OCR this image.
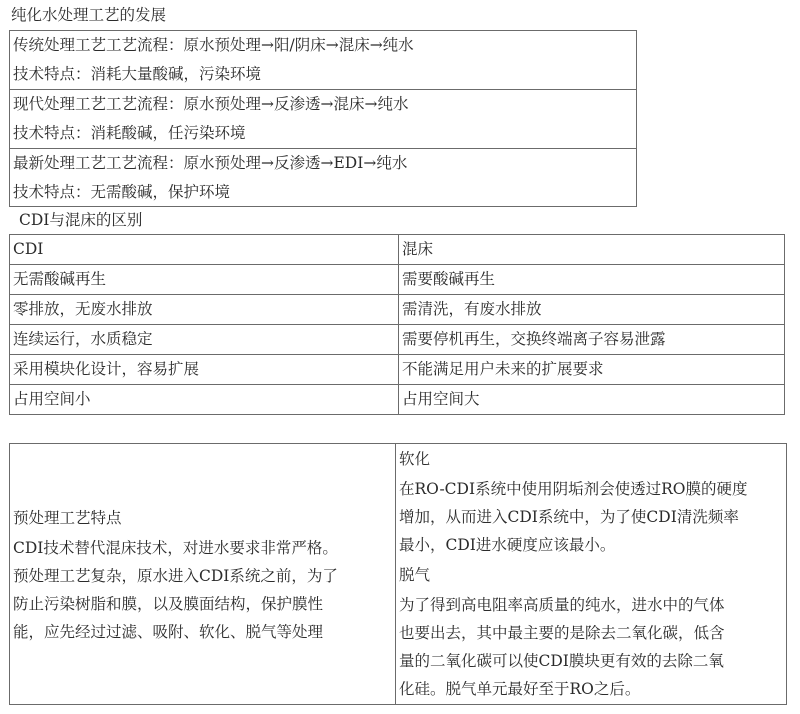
纯化水处理工艺的发展
传统处理工艺工艺流程：原水预处理→阳/阴床→混床→纯水
技术特点：消耗大量酸碱，污染环境
现代处理工艺工艺流程：原水预处理→反渗透→混床→纯水
技术特点：消耗酸碱，任污染环境
最新处理工艺工艺流程：原水预处理→反渗透→EDI→纯水
技术特点：无需酸碱，保护环境
CDI与混床的区别
CDI	混床
无需酸碱再生	需要酸碱再生
零排放，无废水排放	需清洗，有废水排放
连续运行，水质稳定	需要停机再生，交换终端离子容易泄露
采用模块化设计，容易扩展	不能满足用户未来的扩展要求
占用空间小	占用空间大
预处理工艺特点
CDI技术替代混床技术，对进水要求非常严格。
预处理工艺复杂，原水进入CDI系统之前，为了
防止污染树脂和膜，以及膜面结构，保护膜性
能，应先经过过滤、吸附、软化、脱气等处理
软化
在RO-CDI系统中使用阴垢剂会使透过RO膜的硬度
增加，从而进入CDI系统中，为了使CDI清洗频率
最小，CDI进水硬度应该最小。
脱气
为了得到高电阻率高质量的纯水，进水中的气体
也要出去，其中最主要的是除去二氧化碳，低含
量的二氧化碳可以使CDI膜块更有效的去除二氧
化硅。脱气单元最好至于RO之后。
